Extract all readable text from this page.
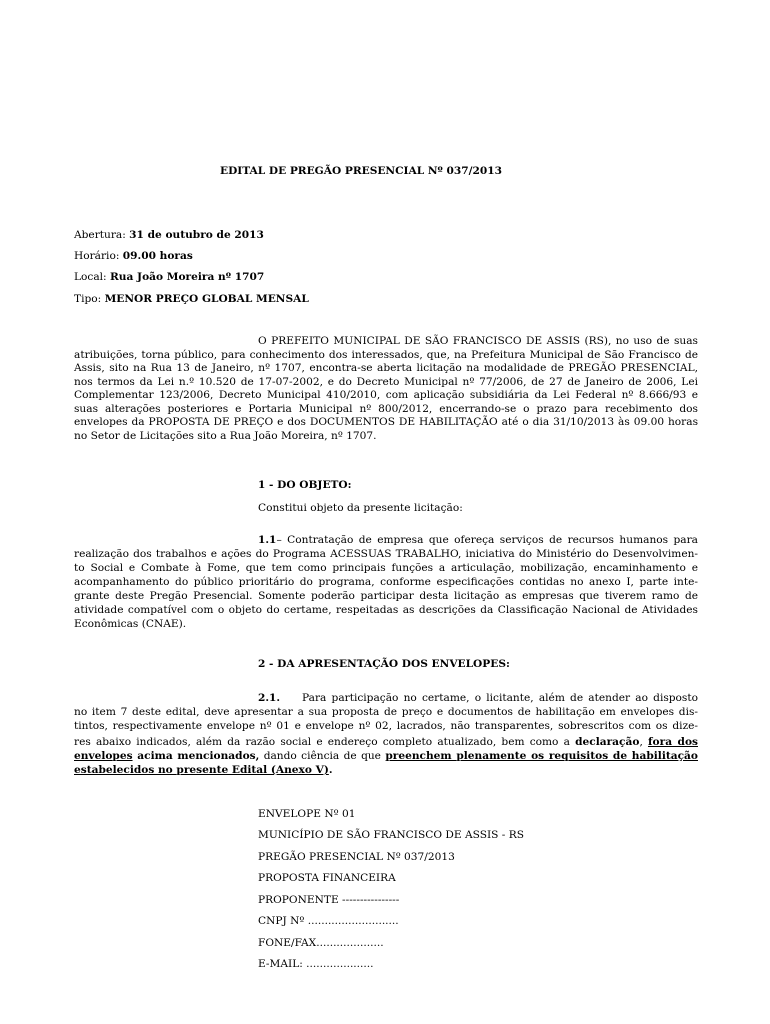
EDITAL DE PREGÃO PRESENCIAL Nº 037/2013
Abertura: 31 de outubro de 2013
Horário: 09.00 horas
Local: Rua João Moreira nº 1707
Tipo: MENOR PREÇO GLOBAL MENSAL
O PREFEITO MUNICIPAL DE SÃO FRANCISCO DE ASSIS (RS), no uso de suas
atribuições, torna público, para conhecimento dos interessados, que, na Prefeitura Municipal de São Francisco de
Assis, sito na Rua 13 de Janeiro, nº 1707, encontra-se aberta licitação na modalidade de PREGÃO PRESENCIAL,
nos termos da Lei n.º 10.520 de 17-07-2002, e do Decreto Municipal nº 77/2006, de 27 de Janeiro de 2006, Lei
Complementar 123/2006, Decreto Municipal 410/2010, com aplicação subsidiária da Lei Federal nº 8.666/93 e
suas alterações posteriores e Portaria Municipal nº 800/2012, encerrando-se o prazo para recebimento dos
envelopes da PROPOSTA DE PREÇO e dos DOCUMENTOS DE HABILITAÇÃO até o dia 31/10/2013 às 09.00 horas
no Setor de Licitações sito a Rua João Moreira, nº 1707.
1 - DO OBJETO:
Constitui objeto da presente licitação:
1.1– Contratação de empresa que ofereça serviços de recursos humanos para
realização dos trabalhos e ações do Programa ACESSUAS TRABALHO, iniciativa do Ministério do Desenvolvimen-
to Social e Combate à Fome, que tem como principais funções a articulação, mobilização, encaminhamento e
acompanhamento do público prioritário do programa, conforme especificações contidas no anexo I, parte inte-
grante deste Pregão Presencial. Somente poderão participar desta licitação as empresas que tiverem ramo de
atividade compatível com o objeto do certame, respeitadas as descrições da Classificação Nacional de Atividades
Econômicas (CNAE).
2 - DA APRESENTAÇÃO DOS ENVELOPES:
2.1. Para participação no certame, o licitante, além de atender ao disposto
no item 7 deste edital, deve apresentar a sua proposta de preço e documentos de habilitação em envelopes dis-
tintos, respectivamente envelope nº 01 e envelope nº 02, lacrados, não transparentes, sobrescritos com os dize-
res abaixo indicados, além da razão social e endereço completo atualizado, bem como a declaração, fora dos
envelopes acima mencionados, dando ciência de que preenchem plenamente os requisitos de habilitação
estabelecidos no presente Edital (Anexo V).
ENVELOPE Nº 01
MUNICÍPIO DE SÃO FRANCISCO DE ASSIS - RS
PREGÃO PRESENCIAL Nº 037/2013
PROPOSTA FINANCEIRA
PROPONENTE ----------------
CNPJ Nº ...........................
FONE/FAX....................
E-MAIL: ....................
